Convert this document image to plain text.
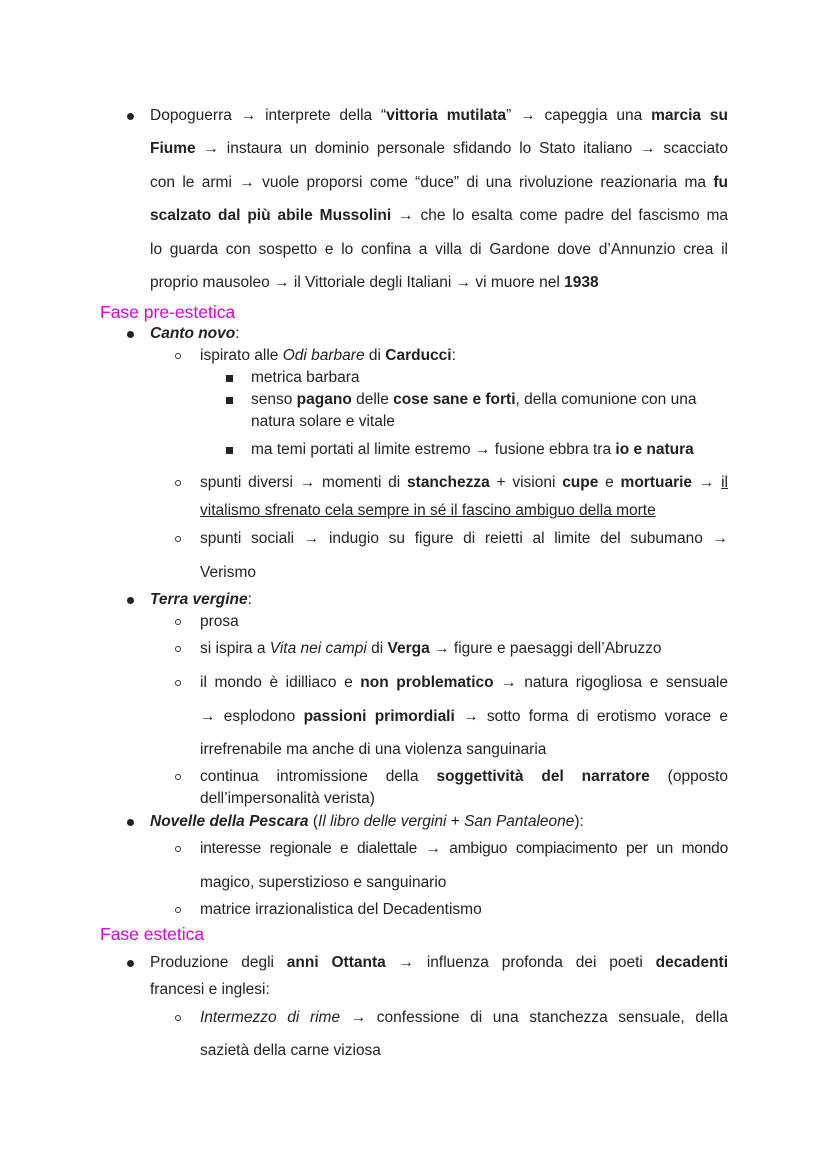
Dopoguerra → interprete della “vittoria mutilata” → capeggia una marcia su
Fiume → instaura un dominio personale sfidando lo Stato italiano → scacciato
con le armi → vuole proporsi come “duce” di una rivoluzione reazionaria ma fu
scalzato dal più abile Mussolini → che lo esalta come padre del fascismo ma
lo guarda con sospetto e lo confina a villa di Gardone dove d’Annunzio crea il
proprio mausoleo → il Vittoriale degli Italiani → vi muore nel 1938
Fase pre-estetica
Canto novo:
ispirato alle Odi barbare di Carducci:
metrica barbara
senso pagano delle cose sane e forti, della comunione con una
natura solare e vitale
ma temi portati al limite estremo → fusione ebbra tra io e natura
spunti diversi → momenti di stanchezza + visioni cupe e mortuarie → il
vitalismo sfrenato cela sempre in sé il fascino ambiguo della morte
spunti sociali → indugio su figure di reietti al limite del subumano →
Verismo
Terra vergine:
prosa
si ispira a Vita nei campi di Verga → figure e paesaggi dell’Abruzzo
il mondo è idilliaco e non problematico → natura rigogliosa e sensuale
→ esplodono passioni primordiali → sotto forma di erotismo vorace e
irrefrenabile ma anche di una violenza sanguinaria
continua intromissione della soggettività del narratore (opposto
dell’impersonalità verista)
Novelle della Pescara (Il libro delle vergini + San Pantaleone):
interesse regionale e dialettale → ambiguo compiacimento per un mondo
magico, superstizioso e sanguinario
matrice irrazionalistica del Decadentismo
Fase estetica
Produzione degli anni Ottanta → influenza profonda dei poeti decadenti
francesi e inglesi:
Intermezzo di rime → confessione di una stanchezza sensuale, della
sazietà della carne viziosa
